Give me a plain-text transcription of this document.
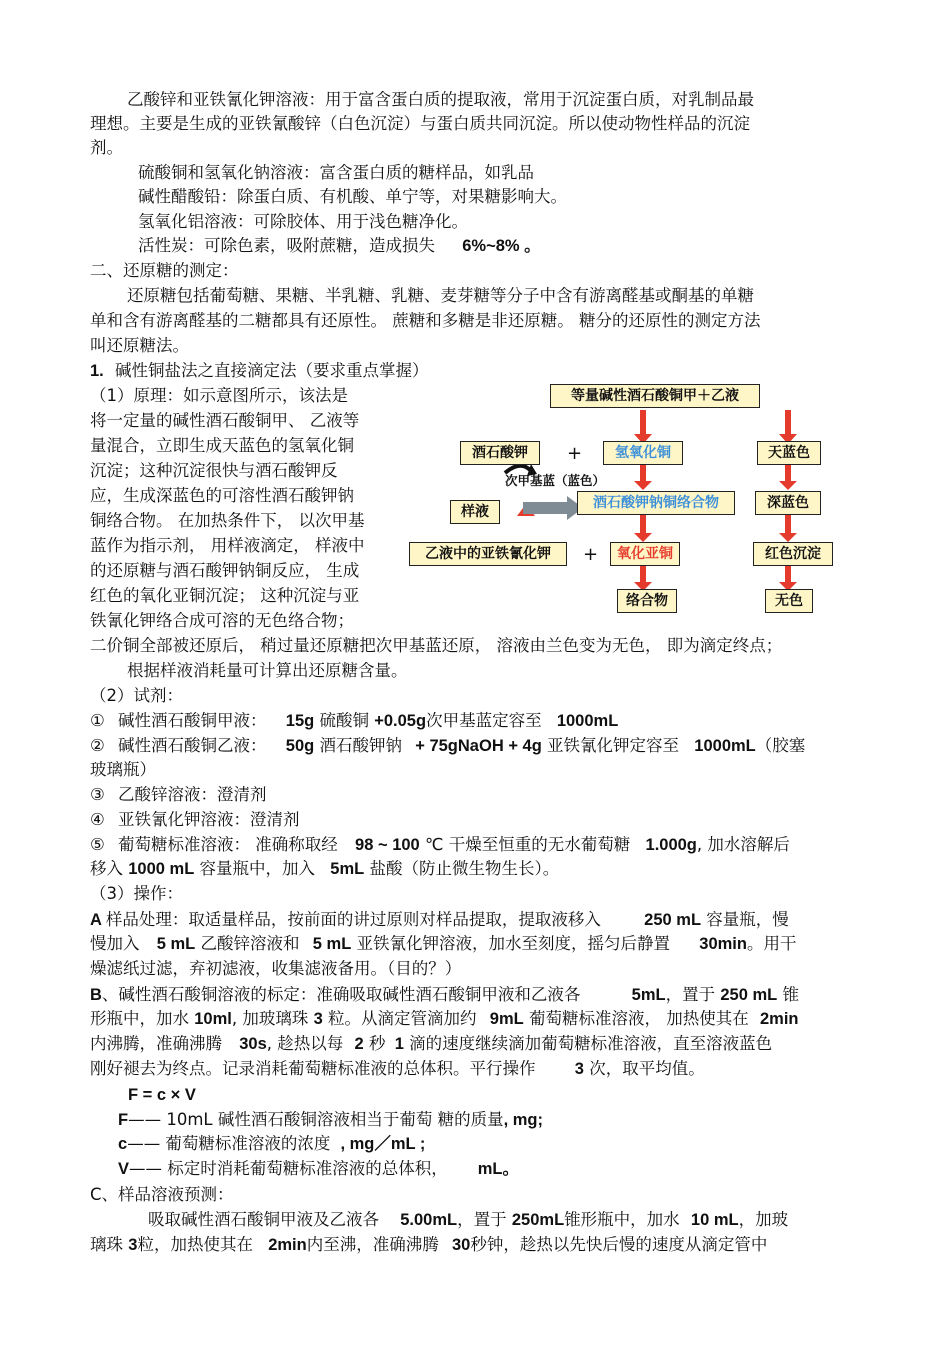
乙酸锌和亚铁氰化钾溶液：用于富含蛋白质的提取液，常用于沉淀蛋白质，对乳制品最
理想。主要是生成的亚铁氰酸锌（白色沉淀）与蛋白质共同沉淀。所以使动物性样品的沉淀
剂。
硫酸铜和氢氧化钠溶液：富含蛋白质的糖样品，如乳品
碱性醋酸铅：除蛋白质、有机酸、单宁等，对果糖影响大。
氢氧化铝溶液：可除胶体、用于浅色糖净化。
活性炭：可除色素，吸附蔗糖，造成损失 6%~8% 。
二、还原糖的测定：
还原糖包括葡萄糖、果糖、半乳糖、乳糖、麦芽糖等分子中含有游离醛基或酮基的单糖
单和含有游离醛基的二糖都具有还原性。 蔗糖和多糖是非还原糖。 糖分的还原性的测定方法
叫还原糖法。
1. 碱性铜盐法之直接滴定法（要求重点掌握）
（1）原理：如示意图所示，该法是
将一定量的碱性酒石酸铜甲、 乙液等
量混合，立即生成天蓝色的氢氧化铜
沉淀；这种沉淀很快与酒石酸钾反
应，生成深蓝色的可溶性酒石酸钾钠
铜络合物。 在加热条件下， 以次甲基
蓝作为指示剂， 用样液滴定， 样液中
的还原糖与酒石酸钾钠铜反应， 生成
红色的氧化亚铜沉淀； 这种沉淀与亚
铁氰化钾络合成可溶的无色络合物；
等量碱性酒石酸铜甲＋乙液
酒石酸钾	+	氢氧化铜	天蓝色
次甲基蓝（蓝色）
样液
酒石酸钾钠铜络合物	深蓝色
乙液中的亚铁氰化钾	+	氧化亚铜	红色沉淀
络合物	无色
二价铜全部被还原后， 稍过量还原糖把次甲基蓝还原， 溶液由兰色变为无色， 即为滴定终点；
根据样液消耗量可计算出还原糖含量。
（2）试剂：
① 碱性酒石酸铜甲液： 15g 硫酸铜 +0.05g次甲基蓝定容至 1000mL
② 碱性酒石酸铜乙液： 50g 酒石酸钾钠 + 75gNaOH + 4g 亚铁氰化钾定容至 1000mL（胶塞
玻璃瓶）
③ 乙酸锌溶液：澄清剂
④ 亚铁氰化钾溶液：澄清剂
⑤ 葡萄糖标准溶液： 准确称取经 98 ~ 100 ℃ 干燥至恒重的无水葡萄糖 1.000g, 加水溶解后
移入 1000 mL 容量瓶中，加入 5mL 盐酸（防止微生物生长）。
（3）操作：
A 样品处理：取适量样品，按前面的讲过原则对样品提取，提取液移入	250 mL 容量瓶，慢
慢加入 5 mL 乙酸锌溶液和 5 mL 亚铁氰化钾溶液，加水至刻度，摇匀后静置 30min。用干
燥滤纸过滤，弃初滤液，收集滤液备用。（目的？）
B、碱性酒石酸铜溶液的标定：准确吸取碱性酒石酸铜甲液和乙液各	5mL，置于 250 mL 锥
形瓶中，加水 10ml, 加玻璃珠 3 粒。从滴定管滴加约 9mL 葡萄糖标准溶液， 加热使其在 2min
内沸腾，准确沸腾 30s, 趁热以每 2 秒 1 滴的速度继续滴加葡萄糖标准溶液，直至溶液蓝色
刚好褪去为终点。记录消耗葡萄糖标准液的总体积。平行操作 3 次，取平均值。
F = c × V
F—— 10mL 碱性酒石酸铜溶液相当于葡萄 糖的质量, mg;
c—— 葡萄糖标准溶液的浓度 , mg／mL ;
V—— 标定时消耗葡萄糖标准溶液的总体积， mL。
C、样品溶液预测：
吸取碱性酒石酸铜甲液及乙液各 5.00mL，置于 250mL锥形瓶中，加水 10 mL，加玻
璃珠 3粒，加热使其在 2min内至沸，准确沸腾 30秒钟，趁热以先快后慢的速度从滴定管中
